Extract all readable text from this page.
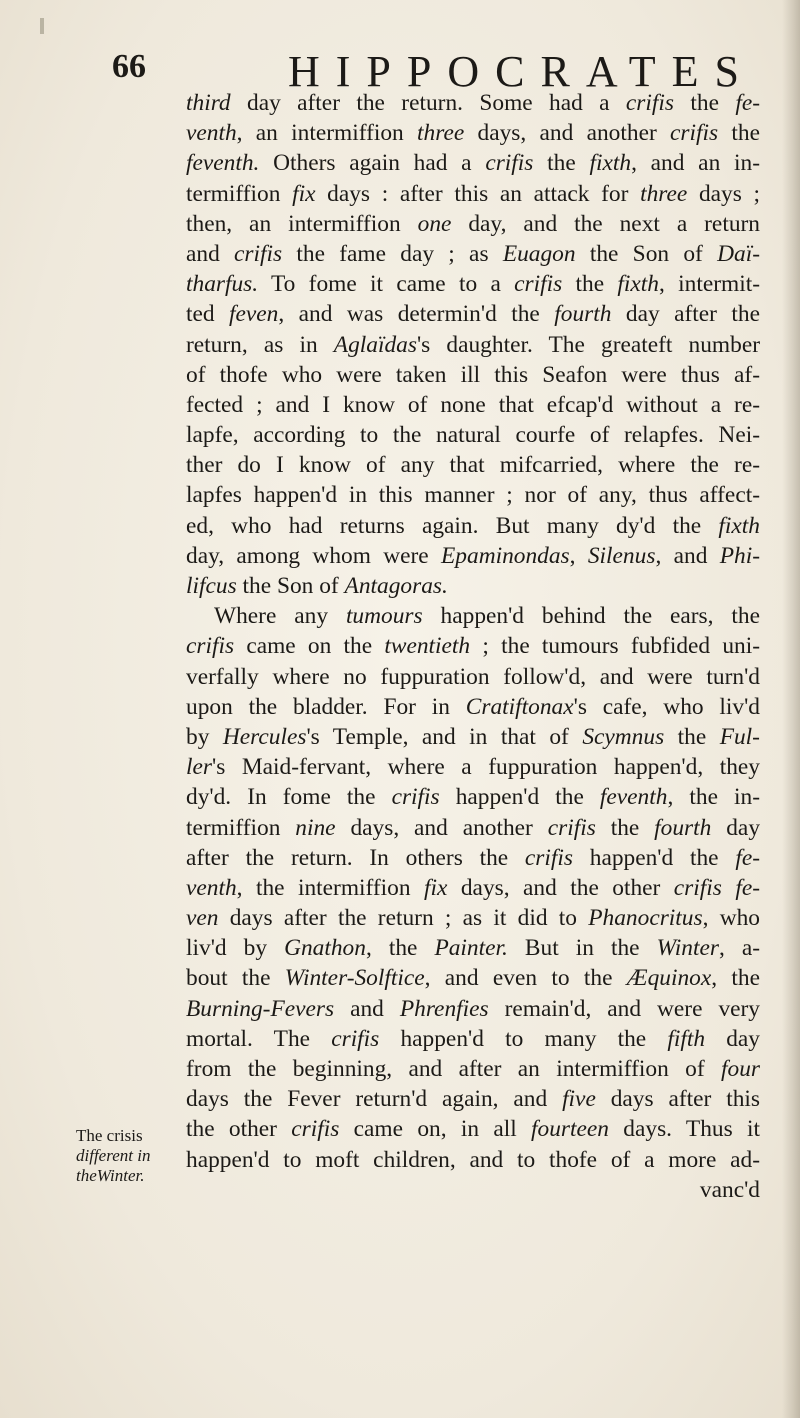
66	HIPPOCRATES
The crisis
different in
theWinter.
third day after the return. Some had a crifis the fe-
venth, an intermiffion three days, and another crifis the
feventh. Others again had a crifis the fixth, and an in-
termiffion fix days : after this an attack for three days ;
then, an intermiffion one day, and the next a return
and crifis the fame day ; as Euagon the Son of Daï-
tharfus. To fome it came to a crifis the fixth, intermit-
ted feven, and was determin'd the fourth day after the
return, as in Aglaïdas's daughter. The greateft number
of thofe who were taken ill this Seafon were thus af-
fected ; and I know of none that efcap'd without a re-
lapfe, according to the natural courfe of relapfes. Nei-
ther do I know of any that mifcarried, where the re-
lapfes happen'd in this manner ; nor of any, thus affect-
ed, who had returns again. But many dy'd the fixth
day, among whom were Epaminondas, Silenus, and Phi-
lifcus the Son of Antagoras.
Where any tumours happen'd behind the ears, the
crifis came on the twentieth ; the tumours fubfided uni-
verfally where no fuppuration follow'd, and were turn'd
upon the bladder. For in Cratiftonax's cafe, who liv'd
by Hercules's Temple, and in that of Scymnus the Ful-
ler's Maid-fervant, where a fuppuration happen'd, they
dy'd. In fome the crifis happen'd the feventh, the in-
termiffion nine days, and another crifis the fourth day
after the return. In others the crifis happen'd the fe-
venth, the intermiffion fix days, and the other crifis fe-
ven days after the return ; as it did to Phanocritus, who
liv'd by Gnathon, the Painter. But in the Winter, a-
bout the Winter-Solftice, and even to the Æquinox, the
Burning-Fevers and Phrenfies remain'd, and were very
mortal. The crifis happen'd to many the fifth day
from the beginning, and after an intermiffion of four
days the Fever return'd again, and five days after this
the other crifis came on, in all fourteen days. Thus it
happen'd to moft children, and to thofe of a more ad-
vanc'd
